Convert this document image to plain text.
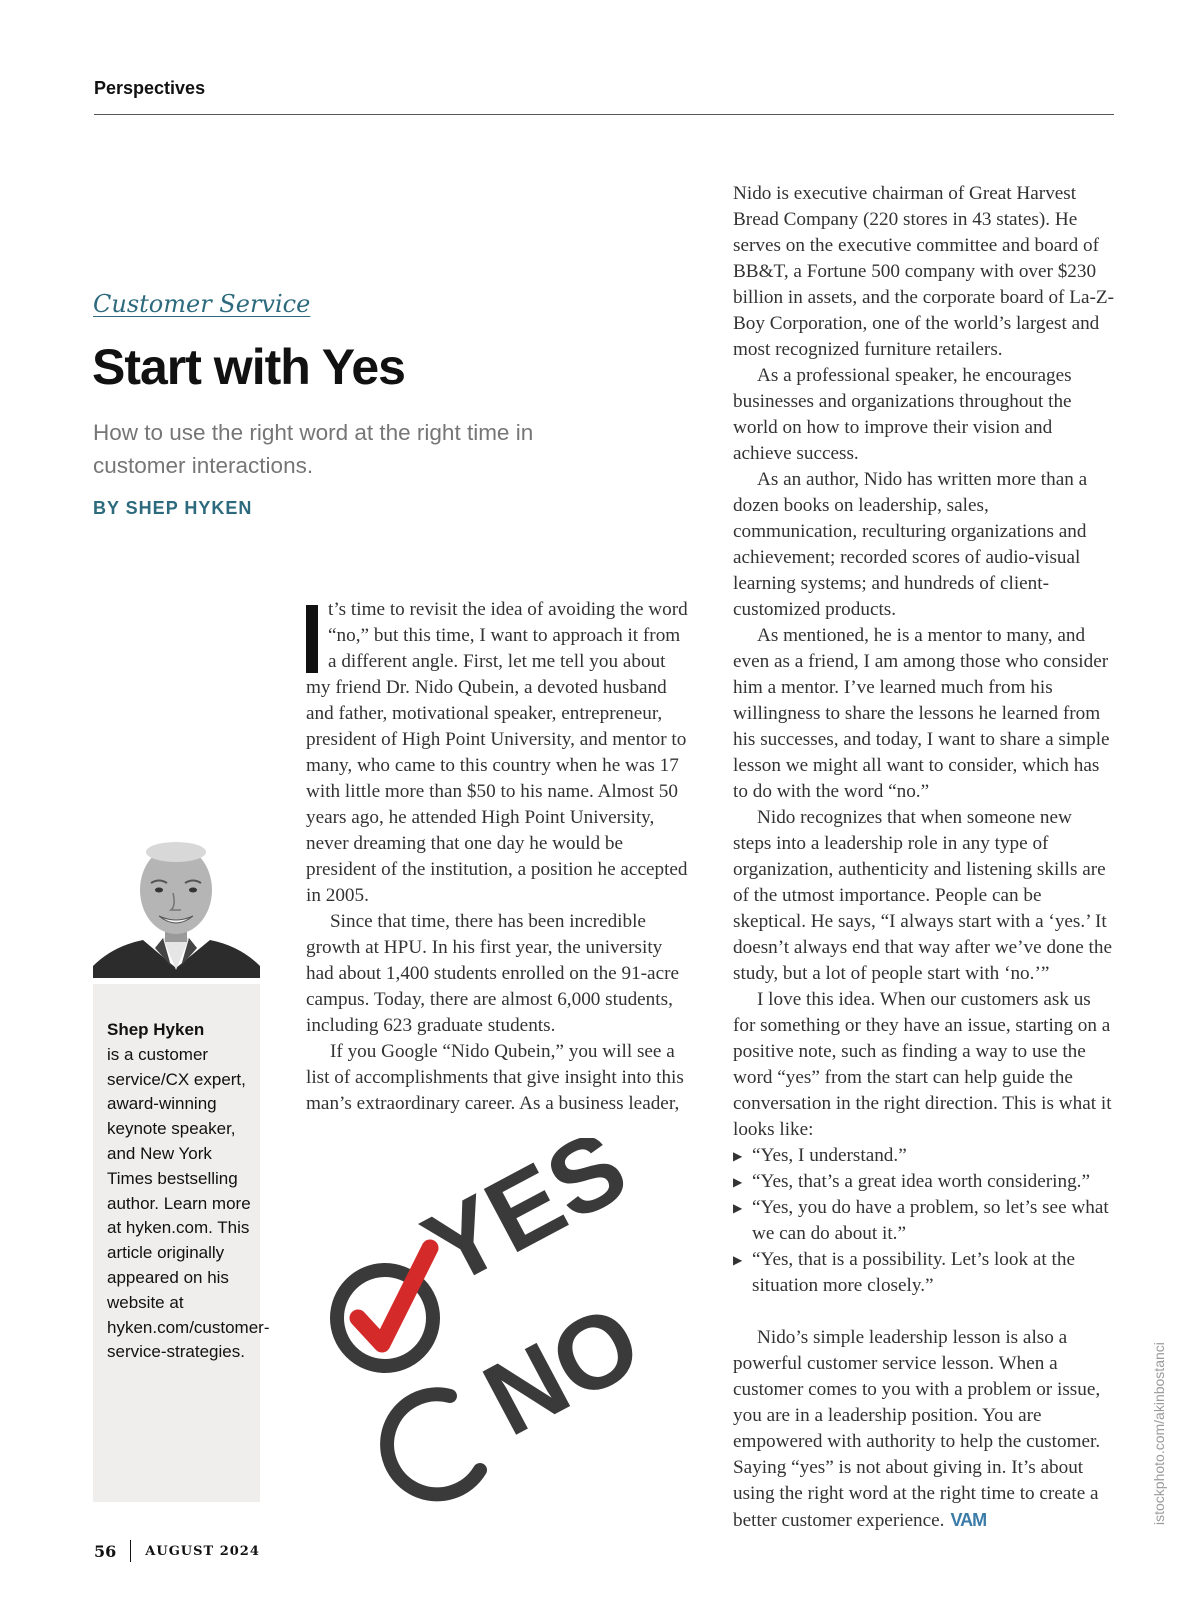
Perspectives
Customer Service
Start with Yes
How to use the right word at the right time in customer interactions.
BY SHEP HYKEN
Shep Hyken
is a customer service/CX expert, award-winning keynote speaker, and New York Times bestselling author. Learn more at hyken.com. This article originally appeared on his website at hyken.com/customer-service-strategies.

t’s time to revisit the idea of avoiding the word “no,” but this time, I want to approach it from a different angle. First, let me tell you about my friend Dr. Nido Qubein, a devoted husband and father, motivational speaker, entrepreneur, president of High Point University, and mentor to many, who came to this country when he was 17 with little more than $50 to his name. Almost 50 years ago, he attended High Point University, never dreaming that one day he would be president of the institution, a position he accepted in 2005.

Since that time, there has been incredible growth at HPU. In his first year, the university had about 1,400 students enrolled on the 91-acre campus. Today, there are almost 6,000 students, including 623 graduate students.

If you Google “Nido Qubein,” you will see a list of accomplishments that give insight into this man’s extraordinary career. As a business leader,

YES
NO

Nido is executive chairman of Great Harvest Bread Company (220 stores in 43 states). He serves on the executive committee and board of BB&T, a Fortune 500 company with over $230 billion in assets, and the corporate board of La-Z-Boy Corporation, one of the world’s largest and most recognized furniture retailers.

As a professional speaker, he encourages businesses and organizations throughout the world on how to improve their vision and achieve success.

As an author, Nido has written more than a dozen books on leadership, sales, communication, reculturing organizations and achievement; recorded scores of audio-visual learning systems; and hundreds of client-customized products.

As mentioned, he is a mentor to many, and even as a friend, I am among those who consider him a mentor. I’ve learned much from his willingness to share the lessons he learned from his successes, and today, I want to share a simple lesson we might all want to consider, which has to do with the word “no.”

Nido recognizes that when someone new steps into a leadership role in any type of organization, authenticity and listening skills are of the utmost importance. People can be skeptical. He says, “I always start with a ‘yes.’ It doesn’t always end that way after we’ve done the study, but a lot of people start with ‘no.’”

I love this idea. When our customers ask us for something or they have an issue, starting on a positive note, such as finding a way to use the word “yes” from the start can help guide the conversation in the right direction. This is what it looks like:

▶ “Yes, I understand.”
▶ “Yes, that’s a great idea worth considering.”
▶ “Yes, you do have a problem, so let’s see what we can do about it.”
▶ “Yes, that is a possibility. Let’s look at the situation more closely.”

Nido’s simple leadership lesson is also a powerful customer service lesson. When a customer comes to you with a problem or issue, you are in a leadership position. You are empowered with authority to help the customer. Saying “yes” is not about giving in. It’s about using the right word at the right time to create a better customer experience. VAM	istockphoto.com/akinbostanci
56 AUGUST 2024
